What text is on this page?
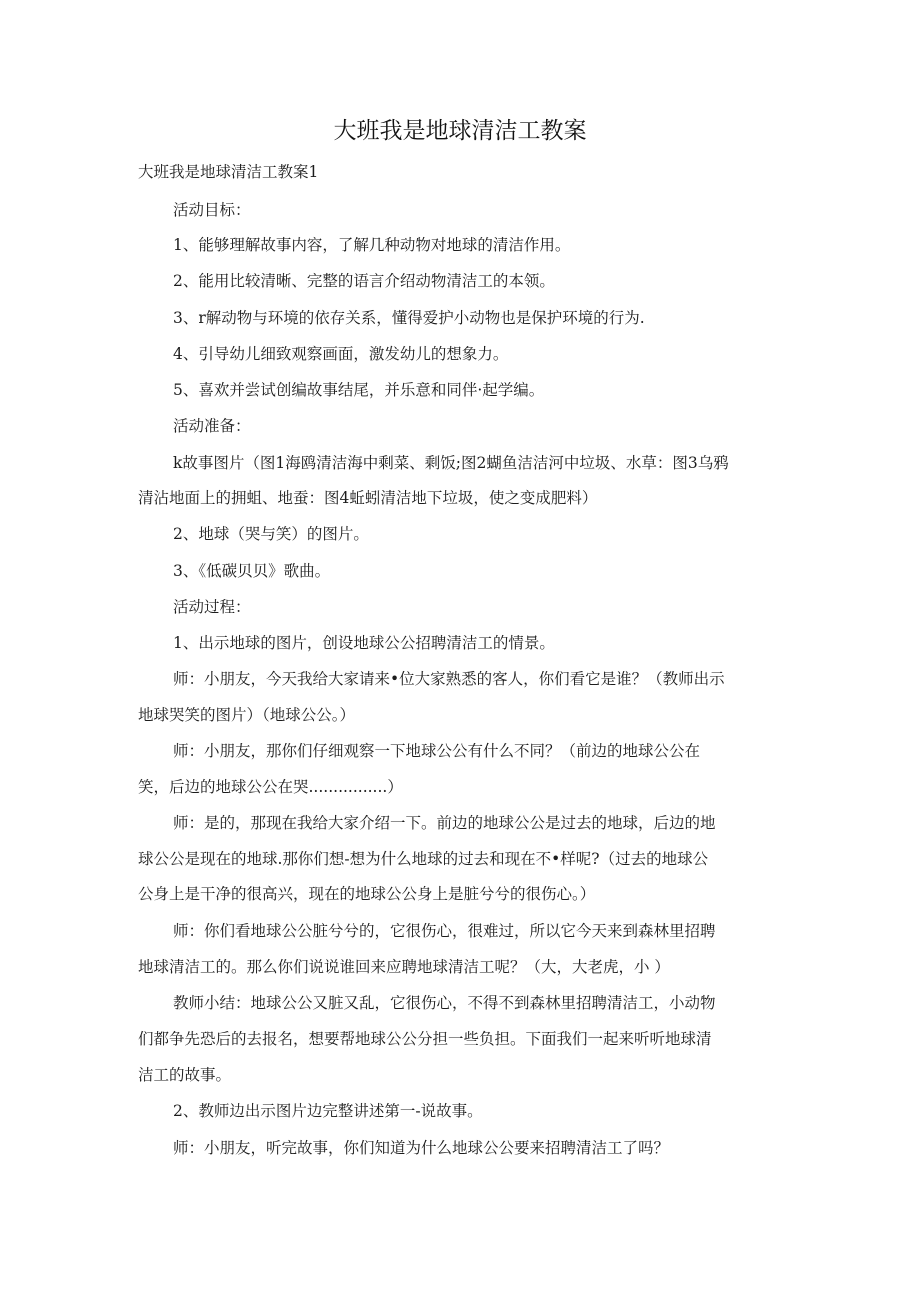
大班我是地球清洁工教案
大班我是地球清洁工教案1
活动目标：
1、能够理解故事内容，了解几种动物对地球的清洁作用。
2、能用比较清晰、完整的语言介绍动物清洁工的本领。
3、r解动物与环境的依存关系，懂得爱护小动物也是保护环境的行为.
4、引导幼儿细致观察画面，激发幼儿的想象力。
5、喜欢并尝试创编故事结尾，并乐意和同伴·起学编。
活动准备：
k故事图片（图1海鸥清洁海中剩菜、剩饭;图2蝴鱼洁洁河中垃圾、水草：图3乌鸦
清沾地面上的拥蛆、地蚕：图4蚯蚓清洁地下垃圾，使之变成肥料）
2、地球（哭与笑）的图片。
3、《低碳贝贝》歌曲。
活动过程：
1、出示地球的图片，创设地球公公招聘清洁工的情景。
师：小朋友，今天我给大家请来•位大家熟悉的客人，你们看它是谁？（教师出示
地球哭笑的图片）（地球公公。）
师：小朋友，那你们仔细观察一下地球公公有什么不同？（前边的地球公公在
笑，后边的地球公公在哭................）
师：是的，那现在我给大家介绍一下。前边的地球公公是过去的地球，后边的地
球公公是现在的地球.那你们想-想为什么地球的过去和现在不•样呢?（过去的地球公
公身上是干净的很高兴，现在的地球公公身上是脏兮兮的很伤心。）
师：你们看地球公公脏兮兮的，它很伤心，很难过，所以它今天来到森林里招聘
地球清洁工的。那么你们说说谁回来应聘地球清洁工呢？（大，大老虎，小 ）
教师小结：地球公公又脏又乱，它很伤心，不得不到森林里招聘清洁工，小动物
们都争先恐后的去报名，想要帮地球公公分担一些负担。下面我们一起来听听地球清
洁工的故事。
2、教师边出示图片边完整讲述第一-说故事。
师：小朋友，听完故事，你们知道为什么地球公公要来招聘清洁工了吗？
